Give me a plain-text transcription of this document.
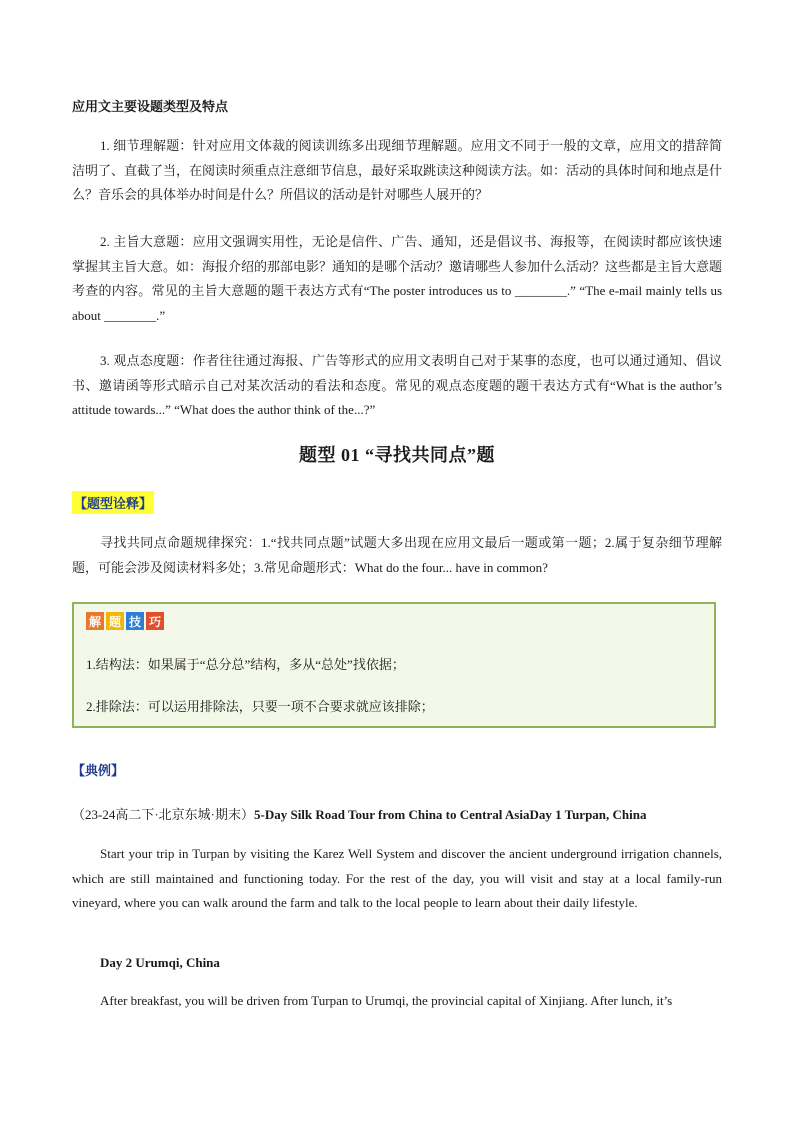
应用文主要设题类型及特点

1. 细节理解题：针对应用文体裁的阅读训练多出现细节理解题。应用文不同于一般的文章，应用文的措辞简洁明了、直截了当，在阅读时须重点注意细节信息，最好采取跳读这种阅读方法。如：活动的具体时间和地点是什么？音乐会的具体举办时间是什么？所倡议的活动是针对哪些人展开的？

2. 主旨大意题：应用文强调实用性，无论是信件、广告、通知，还是倡议书、海报等，在阅读时都应该快速掌握其主旨大意。如：海报介绍的那部电影？通知的是哪个活动？邀请哪些人参加什么活动？这些都是主旨大意题考查的内容。常见的主旨大意题的题干表达方式有“The poster introduces us to ________.” “The e-mail mainly tells us about ________.”

3. 观点态度题：作者往往通过海报、广告等形式的应用文表明自己对于某事的态度，也可以通过通知、倡议书、邀请函等形式暗示自己对某次活动的看法和态度。常见的观点态度题的题干表达方式有“What is the author’s attitude towards...” “What does the author think of the...?”

题型 01 “寻找共同点”题
【题型诠释】

寻找共同点命题规律探究：1.“找共同点题”试题大多出现在应用文最后一题或第一题；2.属于复杂细节理解题，可能会涉及阅读材料多处；3.常见命题形式：What do the four... have in common?

解 题 技 巧
1.结构法：如果属于“总分总”结构，多从“总处”找依据；
2.排除法：可以运用排除法，只要一项不合要求就应该排除；
【典例】
（23-24高二下·北京东城·期末）5-Day Silk Road Tour from China to Central AsiaDay 1 Turpan, China

Start your trip in Turpan by visiting the Karez Well System and discover the ancient underground irrigation channels, which are still maintained and functioning today. For the rest of the day, you will visit and stay at a local family-run vineyard, where you can walk around the farm and talk to the local people to learn about their daily lifestyle.

Day 2 Urumqi, China

After breakfast, you will be driven from Turpan to Urumqi, the provincial capital of Xinjiang. After lunch, it’s
